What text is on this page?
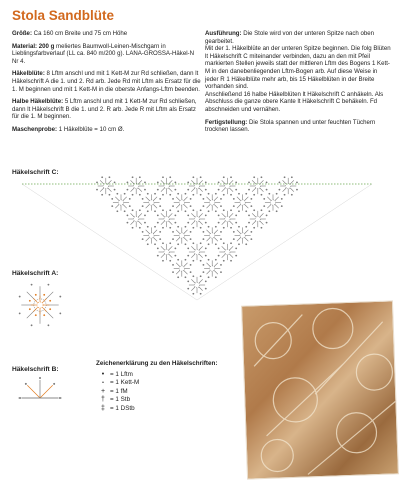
Stola Sandblüte

Größe: Ca 160 cm Breite und 75 cm Höhe

Material: 200 g meliertes Baumwoll-Leinen-Mischgarn in Lieblingsfarbverlauf (LL ca. 840 m/200 g). LANA-GROSSA-Häkel-N Nr 4.

Häkelblüte: 8 Lftm anschl und mit 1 Kett-M zur Rd schließen, dann lt Häkelschrift A die 1. und 2. Rd arb. Jede Rd mit Lftm als Ersatz für die 1. M beginnen und mit 1 Kett-M in die oberste Anfangs-Lftm beenden.

Halbe Häkelblüte: 5 Lftm anschl und mit 1 Kett-M zur Rd schließen, dann lt Häkelschrift B die 1. und 2. R arb. Jede R mit Lftm als Ersatz für die 1. M beginnen.

Maschenprobe: 1 Häkelblüte = 10 cm Ø.

Ausführung: Die Stole wird von der unteren Spitze nach oben gearbeitet.
Mit der 1. Häkelblüte an der unteren Spitze beginnen. Die folg Blüten lt Häkelschrift C miteinander verbinden, dazu an den mit Pfeil markierten Stellen jeweils statt der mittleren Lftm des Bogens 1 Kett-M in den danebenliegenden Lftm-Bogen arb. Auf diese Weise in jeder R 1 Häkelblüte mehr arb, bis 15 Häkelblüten in der Breite vorhanden sind.
Anschließend 16 halbe Häkelblüten lt Häkelschrift C anhäkeln. Als Abschluss die ganze obere Kante lt Häkelschrift C behäkeln. Fd abschneiden und vernähen.

Fertigstellung: Die Stola spannen und unter feuchten Tüchern trocknen lassen.

Häkelschrift C:
Häkelschrift A:
Häkelschrift B:
Zeichenerklärung zu den Häkelschriften:
• = 1 Lftm
• = 1 Kett-M
+ = 1 fM
† = 1 Stb
‡ = 1 DStb
